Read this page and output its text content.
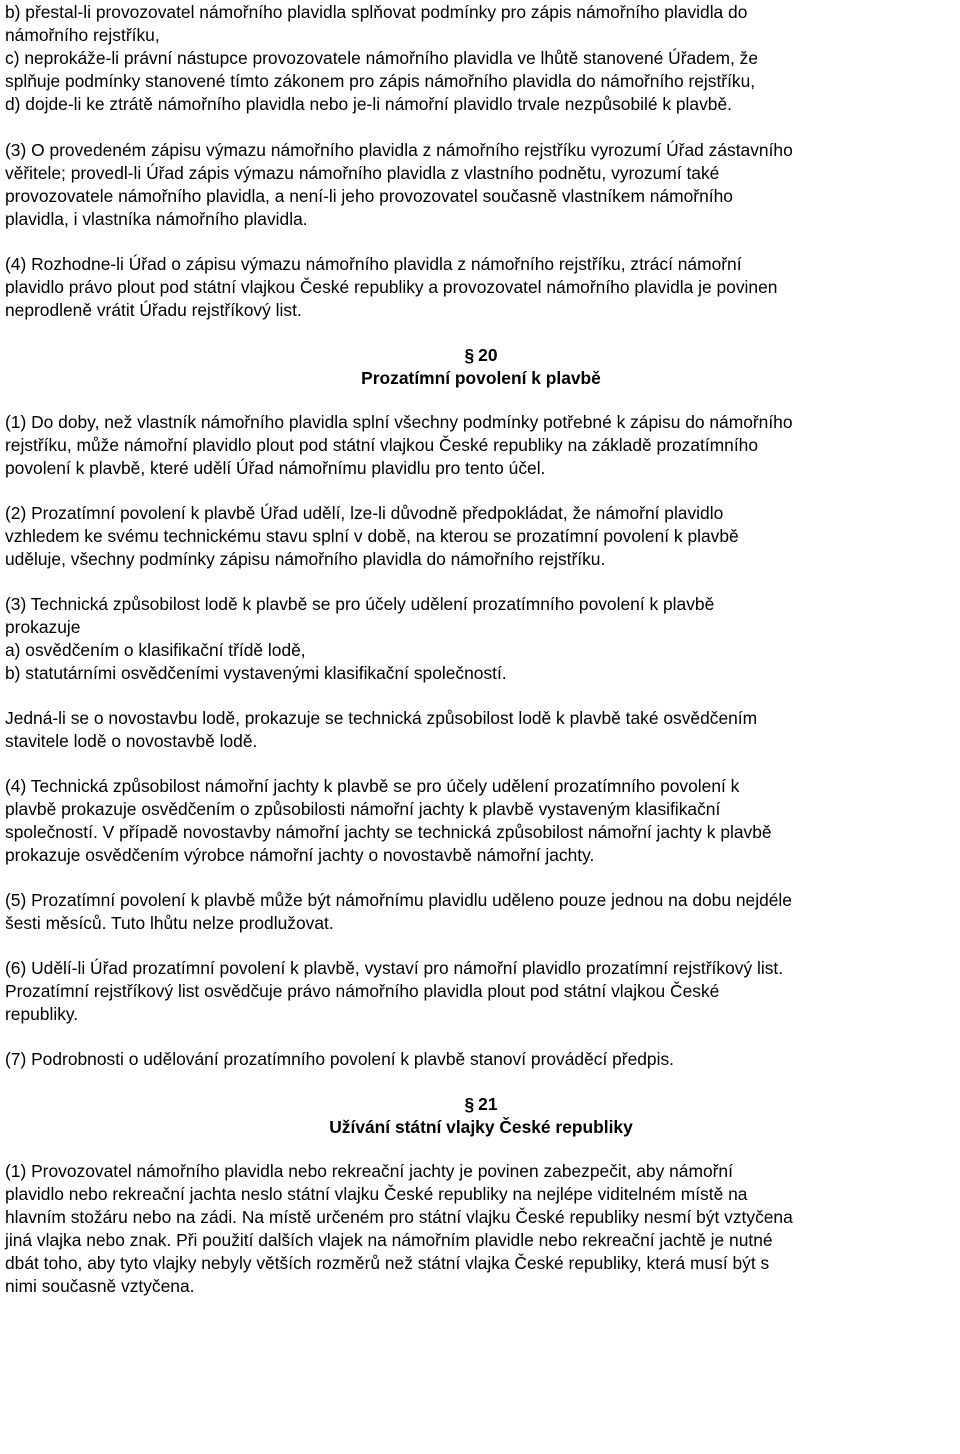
b) přestal-li provozovatel námořního plavidla splňovat podmínky pro zápis námořního plavidla do

námořního rejstříku,

c) neprokáže-li právní nástupce provozovatele námořního plavidla ve lhůtě stanovené Úřadem, že

splňuje podmínky stanovené tímto zákonem pro zápis námořního plavidla do námořního rejstříku,

d) dojde-li ke ztrátě námořního plavidla nebo je-li námořní plavidlo trvale nezpůsobilé k plavbě.

(3) O provedeném zápisu výmazu námořního plavidla z námořního rejstříku vyrozumí Úřad zástavního

věřitele; provedl-li Úřad zápis výmazu námořního plavidla z vlastního podnětu, vyrozumí také

provozovatele námořního plavidla, a není-li jeho provozovatel současně vlastníkem námořního

plavidla, i vlastníka námořního plavidla.

(4) Rozhodne-li Úřad o zápisu výmazu námořního plavidla z námořního rejstříku, ztrácí námořní

plavidlo právo plout pod státní vlajkou České republiky a provozovatel námořního plavidla je povinen

neprodleně vrátit Úřadu rejstříkový list.

§ 20

Prozatímní povolení k plavbě

(1) Do doby, než vlastník námořního plavidla splní všechny podmínky potřebné k zápisu do námořního

rejstříku, může námořní plavidlo plout pod státní vlajkou České republiky na základě prozatímního

povolení k plavbě, které udělí Úřad námořnímu plavidlu pro tento účel.

(2) Prozatímní povolení k plavbě Úřad udělí, lze-li důvodně předpokládat, že námořní plavidlo

vzhledem ke svému technickému stavu splní v době, na kterou se prozatímní povolení k plavbě

uděluje, všechny podmínky zápisu námořního plavidla do námořního rejstříku.

(3) Technická způsobilost lodě k plavbě se pro účely udělení prozatímního povolení k plavbě

prokazuje

a) osvědčením o klasifikační třídě lodě,

b) statutárními osvědčeními vystavenými klasifikační společností.

Jedná-li se o novostavbu lodě, prokazuje se technická způsobilost lodě k plavbě také osvědčením

stavitele lodě o novostavbě lodě.

(4) Technická způsobilost námořní jachty k plavbě se pro účely udělení prozatímního povolení k

plavbě prokazuje osvědčením o způsobilosti námořní jachty k plavbě vystaveným klasifikační

společností. V případě novostavby námořní jachty se technická způsobilost námořní jachty k plavbě

prokazuje osvědčením výrobce námořní jachty o novostavbě námořní jachty.

(5) Prozatímní povolení k plavbě může být námořnímu plavidlu uděleno pouze jednou na dobu nejdéle

šesti měsíců. Tuto lhůtu nelze prodlužovat.

(6) Udělí-li Úřad prozatímní povolení k plavbě, vystaví pro námořní plavidlo prozatímní rejstříkový list.

Prozatímní rejstříkový list osvědčuje právo námořního plavidla plout pod státní vlajkou České

republiky.

(7) Podrobnosti o udělování prozatímního povolení k plavbě stanoví prováděcí předpis.

§ 21

Užívání státní vlajky České republiky

(1) Provozovatel námořního plavidla nebo rekreační jachty je povinen zabezpečit, aby námořní

plavidlo nebo rekreační jachta neslo státní vlajku České republiky na nejlépe viditelném místě na

hlavním stožáru nebo na zádi. Na místě určeném pro státní vlajku České republiky nesmí být vztyčena

jiná vlajka nebo znak. Při použití dalších vlajek na námořním plavidle nebo rekreační jachtě je nutné

dbát toho, aby tyto vlajky nebyly větších rozměrů než státní vlajka České republiky, která musí být s

nimi současně vztyčena.
